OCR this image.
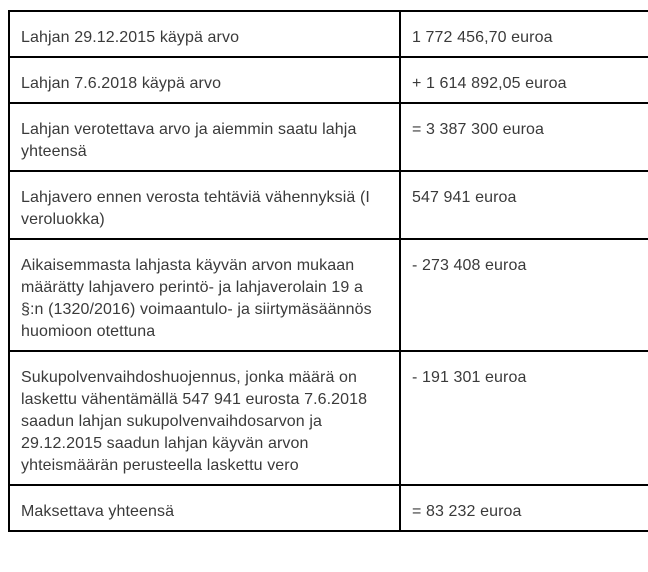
Lahjan 29.12.2015 käypä arvo	1 772 456,70 euroa
Lahjan 7.6.2018 käypä arvo	+ 1 614 892,05 euroa
Lahjan verotettava arvo ja aiemmin saatu lahja yhteensä	= 3 387 300 euroa
Lahjavero ennen verosta tehtäviä vähennyksiä (I veroluokka)	547 941 euroa
Aikaisemmasta lahjasta käyvän arvon mukaan määrätty lahjavero perintö- ja lahjaverolain 19 a §:n (1320/2016) voimaantulo- ja siirtymäsäännös huomioon otettuna	- 273 408 euroa
Sukupolvenvaihdoshuojennus, jonka määrä on laskettu vähentämällä 547 941 eurosta 7.6.2018 saadun lahjan sukupolvenvaihdosarvon ja 29.12.2015 saadun lahjan käyvän arvon yhteismäärän perusteella laskettu vero	- 191 301 euroa
Maksettava yhteensä	= 83 232 euroa
